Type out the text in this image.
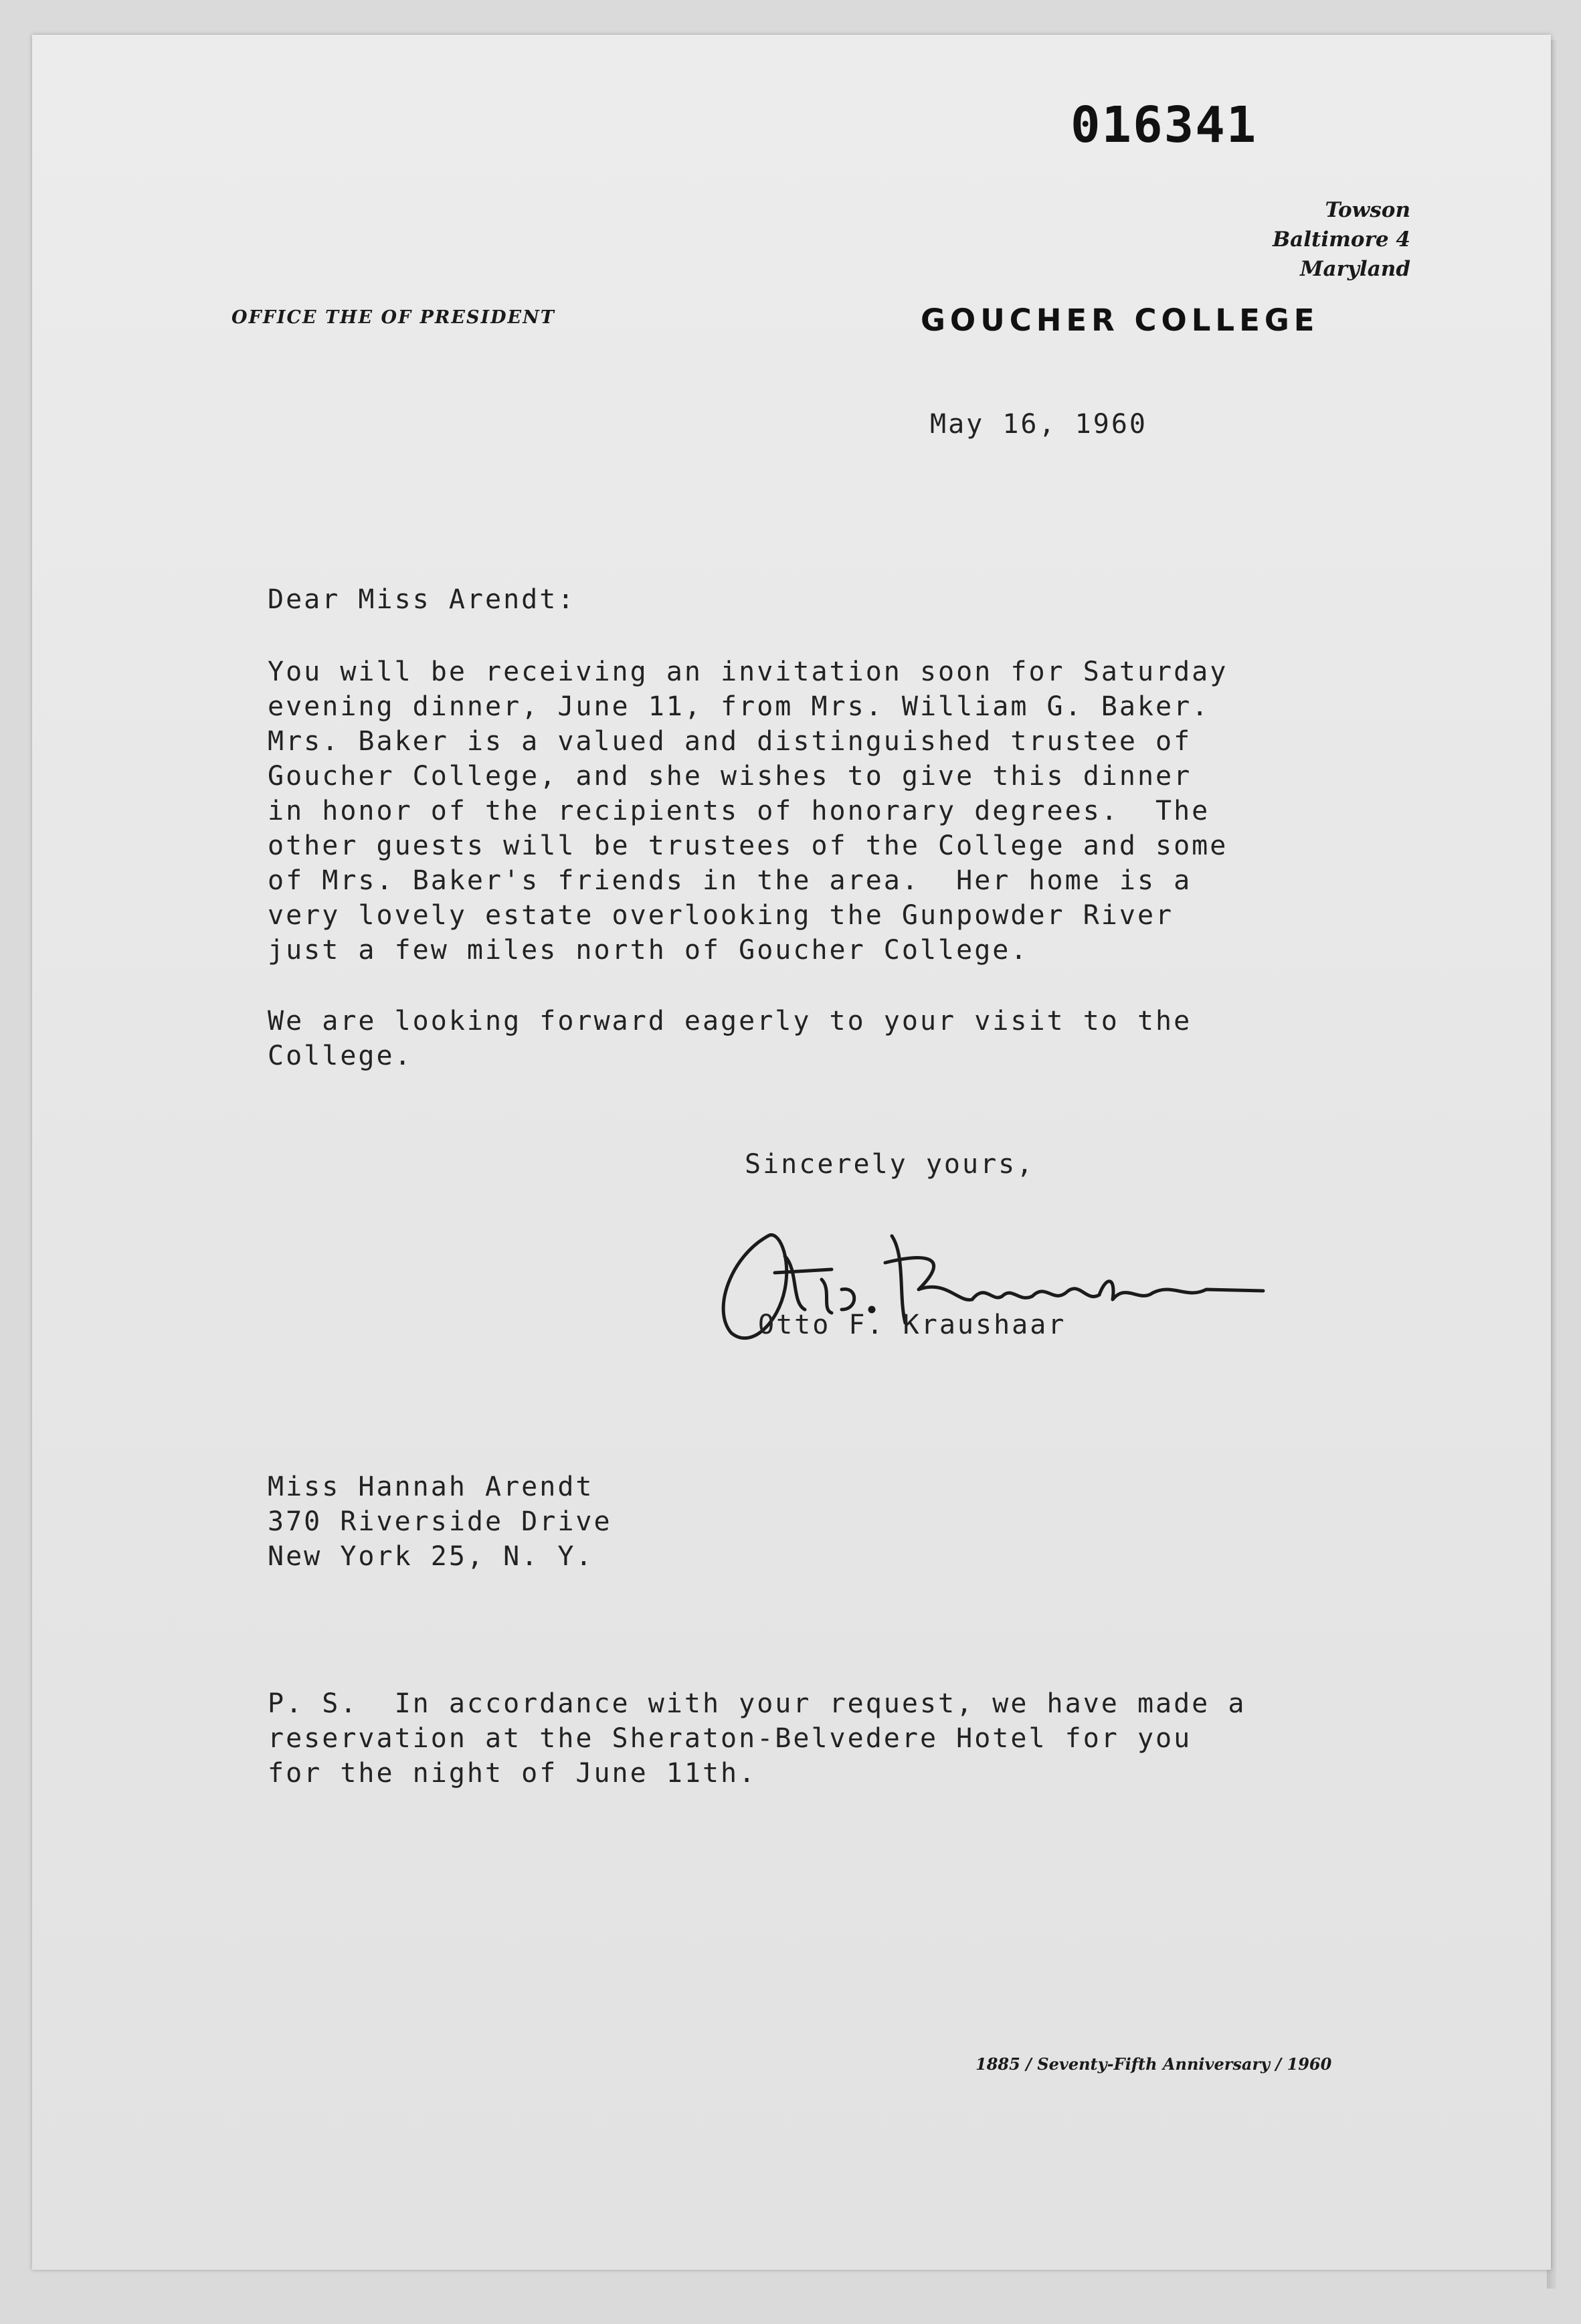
016341
Towson
Baltimore 4
Maryland
OFFICE THE OF PRESIDENT	GOUCHER COLLEGE
May 16, 1960
Dear Miss Arendt:
You will be receiving an invitation soon for Saturday
evening dinner, June 11, from Mrs. William G. Baker.
Mrs. Baker is a valued and distinguished trustee of
Goucher College, and she wishes to give this dinner
in honor of the recipients of honorary degrees.  The
other guests will be trustees of the College and some
of Mrs. Baker's friends in the area.  Her home is a
very lovely estate overlooking the Gunpowder River
just a few miles north of Goucher College.
We are looking forward eagerly to your visit to the
College.
Sincerely yours,
Otto F. Kraushaar
Miss Hannah Arendt
370 Riverside Drive
New York 25, N. Y.
P. S.  In accordance with your request, we have made a
reservation at the Sheraton-Belvedere Hotel for you
for the night of June 11th.
1885 / Seventy-Fifth Anniversary / 1960
